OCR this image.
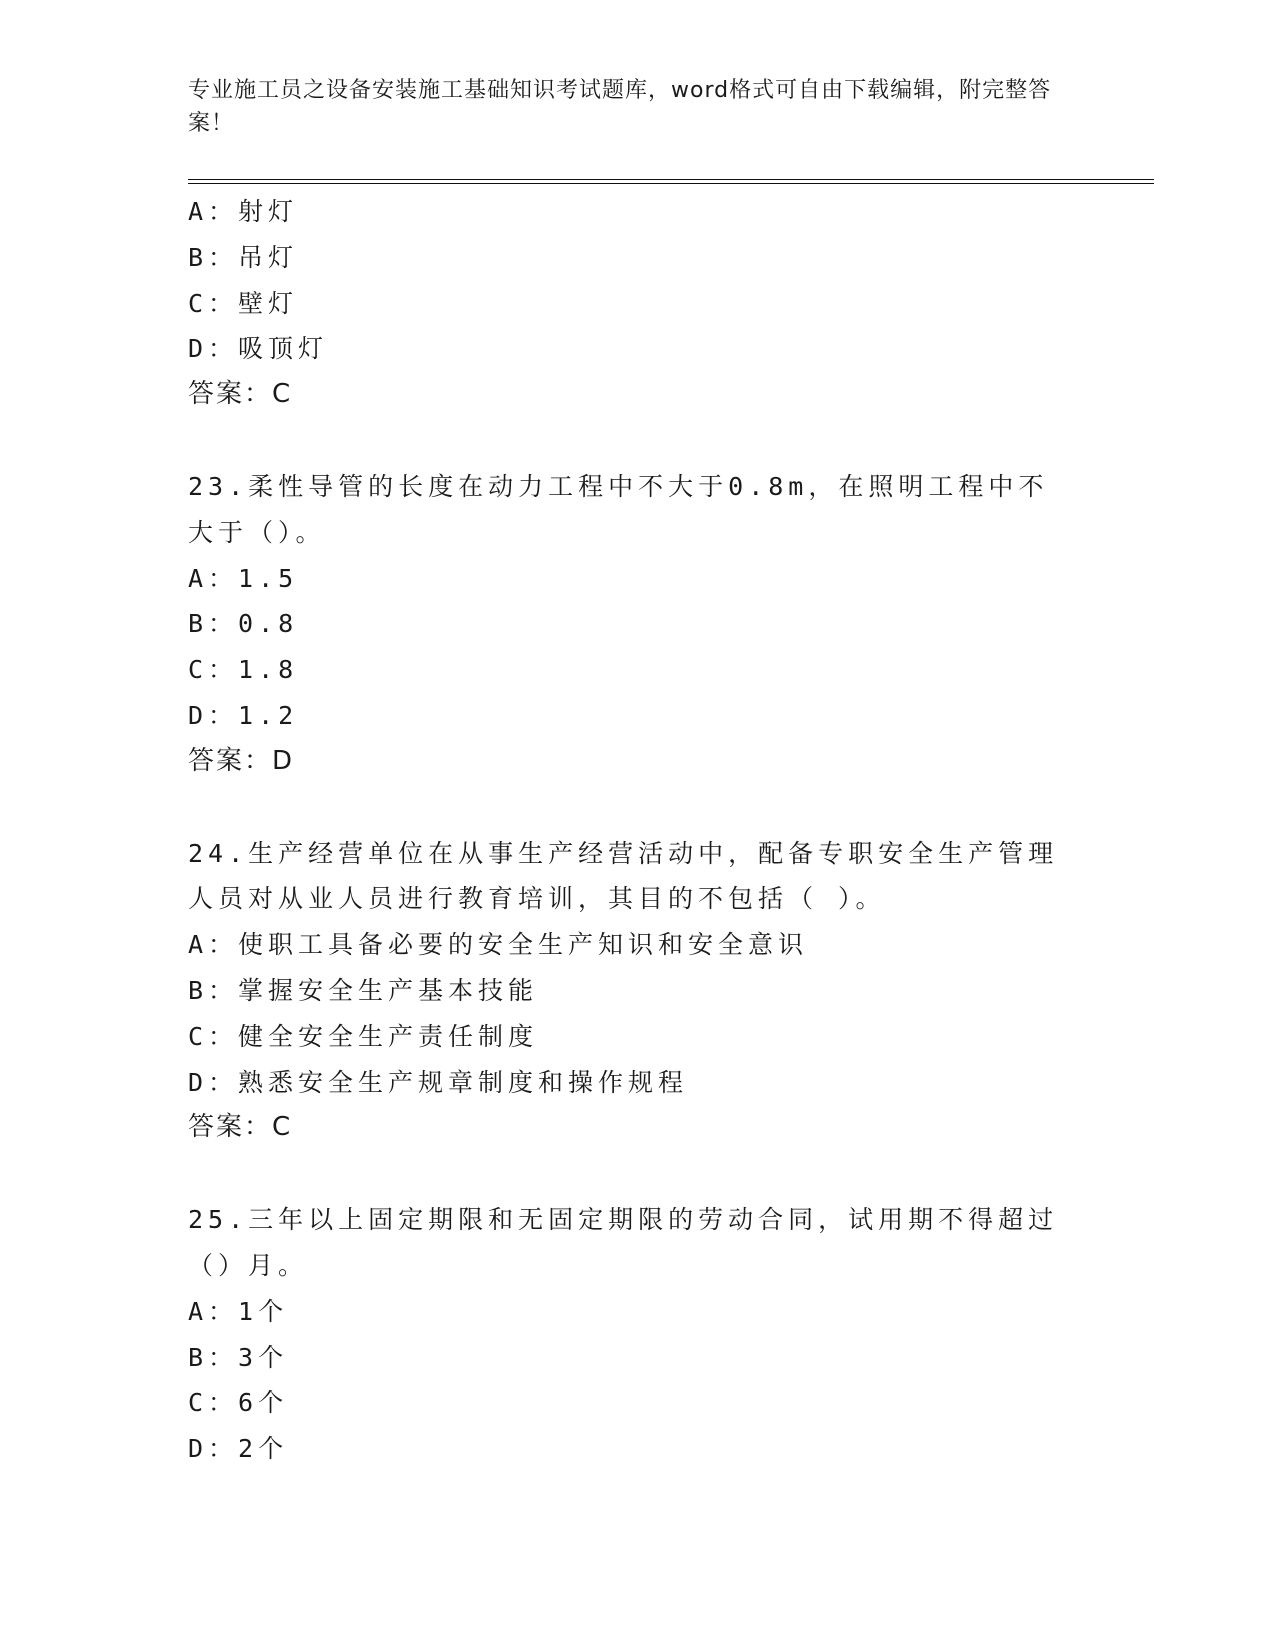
专业施工员之设备安装施工基础知识考试题库，word格式可自由下载编辑，附完整答案！
A：射灯
B：吊灯
C：壁灯
D：吸顶灯
答案：C
23.柔性导管的长度在动力工程中不大于0.8m，在照明工程中不大于（）。
A：1.5
B：0.8
C：1.8
D：1.2
答案：D
24.生产经营单位在从事生产经营活动中，配备专职安全生产管理人员对从业人员进行教育培训，其目的不包括（ ）。
A：使职工具备必要的安全生产知识和安全意识
B：掌握安全生产基本技能
C：健全安全生产责任制度
D：熟悉安全生产规章制度和操作规程
答案：C
25.三年以上固定期限和无固定期限的劳动合同，试用期不得超过（）月。
A：1个
B：3个
C：6个
D：2个
